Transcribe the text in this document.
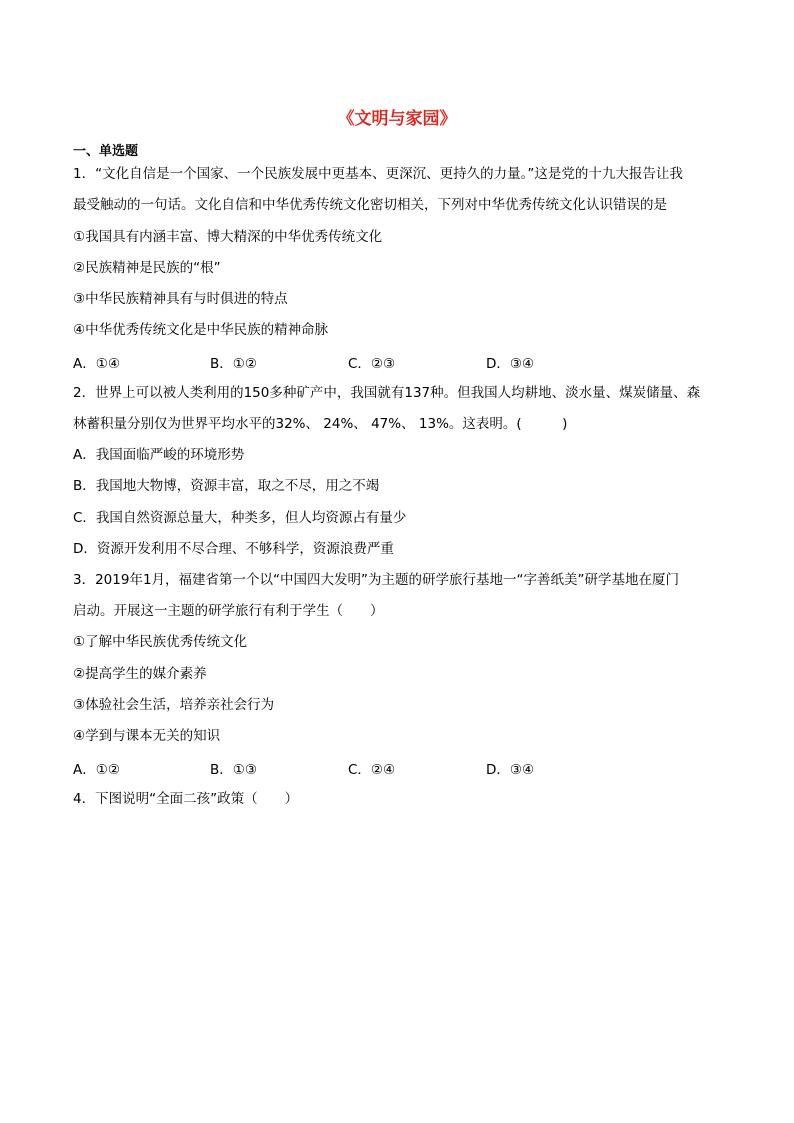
《文明与家园》
一、单选题
1．“文化自信是一个国家、一个民族发展中更基本、更深沉、更持久的力量。”这是党的十九大报告让我
最受触动的一句话。文化自信和中华优秀传统文化密切相关，下列对中华优秀传统文化认识错误的是
①我国具有内涵丰富、博大精深的中华优秀传统文化
②民族精神是民族的“根”
③中华民族精神具有与时俱进的特点
④中华优秀传统文化是中华民族的精神命脉
A．①④	B．①②	C．②③	D．③④
2．世界上可以被人类利用的150多种矿产中，我国就有137种。但我国人均耕地、淡水量、煤炭储量、森
林蓄积量分别仅为世界平均水平的32%、 24%、 47%、 13%。这表明。(　　　)
A．我国面临严峻的环境形势
B．我国地大物博，资源丰富，取之不尽，用之不竭
C．我国自然资源总量大，种类多，但人均资源占有量少
D．资源开发利用不尽合理、不够科学，资源浪费严重
3．2019年1月，福建省第一个以“中国四大发明”为主题的研学旅行基地一“字善纸美”研学基地在厦门
启动。开展这一主题的研学旅行有利于学生（　　）
①了解中华民族优秀传统文化
②提高学生的媒介素养
③体验社会生活，培养亲社会行为
④学到与课本无关的知识
A．①②	B．①③	C．②④	D．③④
4．下图说明“全面二孩”政策（　　）
